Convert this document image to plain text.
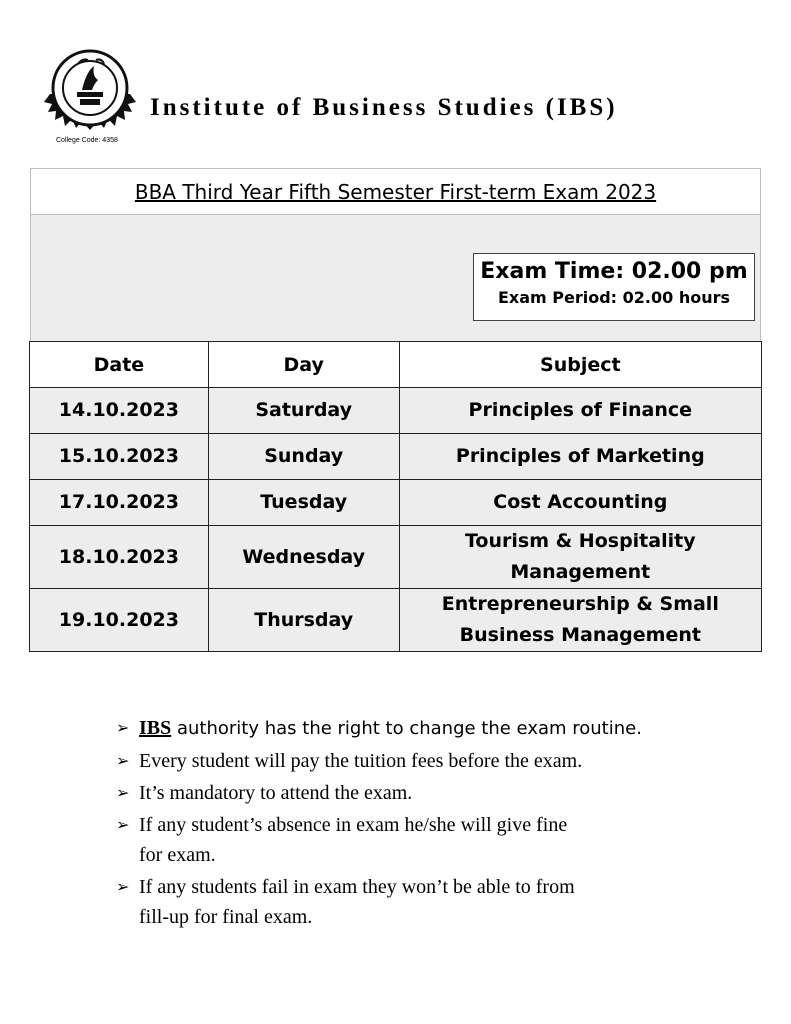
College Code: 4358
Institute of Business Studies (IBS)
BBA Third Year Fifth Semester First-term Exam 2023
Exam Time: 02.00 pm
Exam Period: 02.00 hours
Date	Day	Subject
14.10.2023	Saturday	Principles of Finance
15.10.2023	Sunday	Principles of Marketing
17.10.2023	Tuesday	Cost Accounting
18.10.2023	Wednesday	Tourism & Hospitality
Management

19.10.2023	Thursday	Entrepreneurship & Small
Business Management
➢ IBS authority has the right to change the exam routine.
➢ Every student will pay the tuition fees before the exam.
➢ It’s mandatory to attend the exam.
➢ If any student’s absence in exam he/she will give fine
for exam.
➢ If any students fail in exam they won’t be able to from
fill-up for final exam.
